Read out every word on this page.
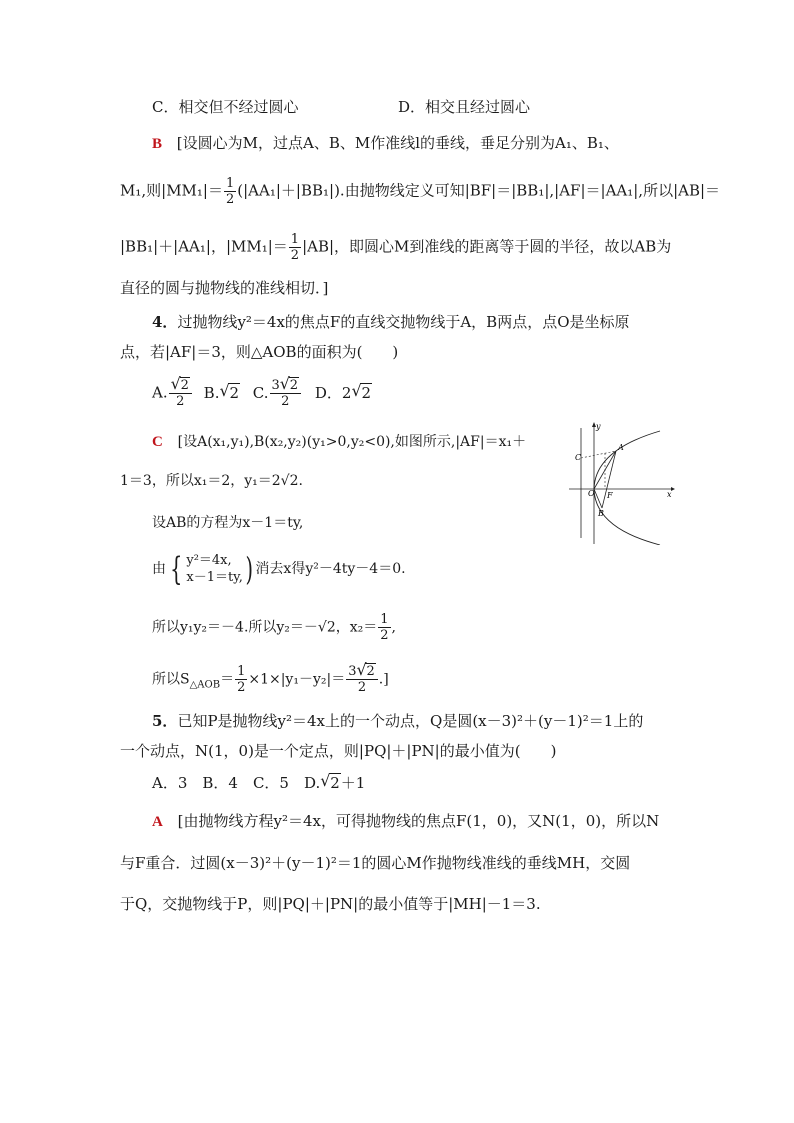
C．相交但不经过圆心	D．相交且经过圆心
B [设圆心为M，过点A、B、M作准线l的垂线，垂足分别为A₁、B₁、
M₁,则$|MM_1|= \frac{1}{2} (|AA_1|+|BB_1|)$.由抛物线定义可知|BF|＝|BB₁|,|AF|＝|AA₁|,所以|AB|＝
|BB₁|＋|AA₁|，$|MM_1|= \frac{1}{2} |AB|$，即圆心M到准线的距离等于圆的半径，故以AB为
直径的圆与抛物线的准线相切．]
4．过抛物线y²＝4x的焦点F的直线交抛物线于A，B两点，点O是坐标原
点，若|AF|＝3，则△AOB的面积为(　　)
A. $\frac{√ 2}{2} B$. √ 2 C. $\frac{3 √ 2}{2}$ D．2 √ 2
C [设A(x₁,y₁),B(x₂,y₂)(y₁>0,y₂<0),如图所示,|AF|＝x₁＋
1＝3，所以x₁＝2，y₁＝2√2.
设AB的方程为x－1＝ty,
由 { y²＝4x,
x－1＝ty, ) 消去x得y²－4ty－4＝0.
所以y₁y₂＝－4.所以y₂＝－√2，$x_2= \frac{1}{2}$ ,
所以$S_{\triangle AOB}= \frac{1}{2} \times 1\times|y_1-y_2|= \frac{3 √ 2}{2}$ .]
y
x
C
A
O F
B
5．已知P是抛物线y²＝4x上的一个动点，Q是圆(x－3)²＋(y－1)²＝1上的
一个动点，N(1，0)是一个定点，则|PQ|＋|PN|的最小值为(　　)
A．3　B．4　C．5　D. √ 2＋1
A [由抛物线方程y²＝4x，可得抛物线的焦点F(1，0)，又N(1，0)，所以N
与F重合．过圆(x－3)²＋(y－1)²＝1的圆心M作抛物线准线的垂线MH，交圆
于Q，交抛物线于P，则|PQ|＋|PN|的最小值等于|MH|－1＝3.
